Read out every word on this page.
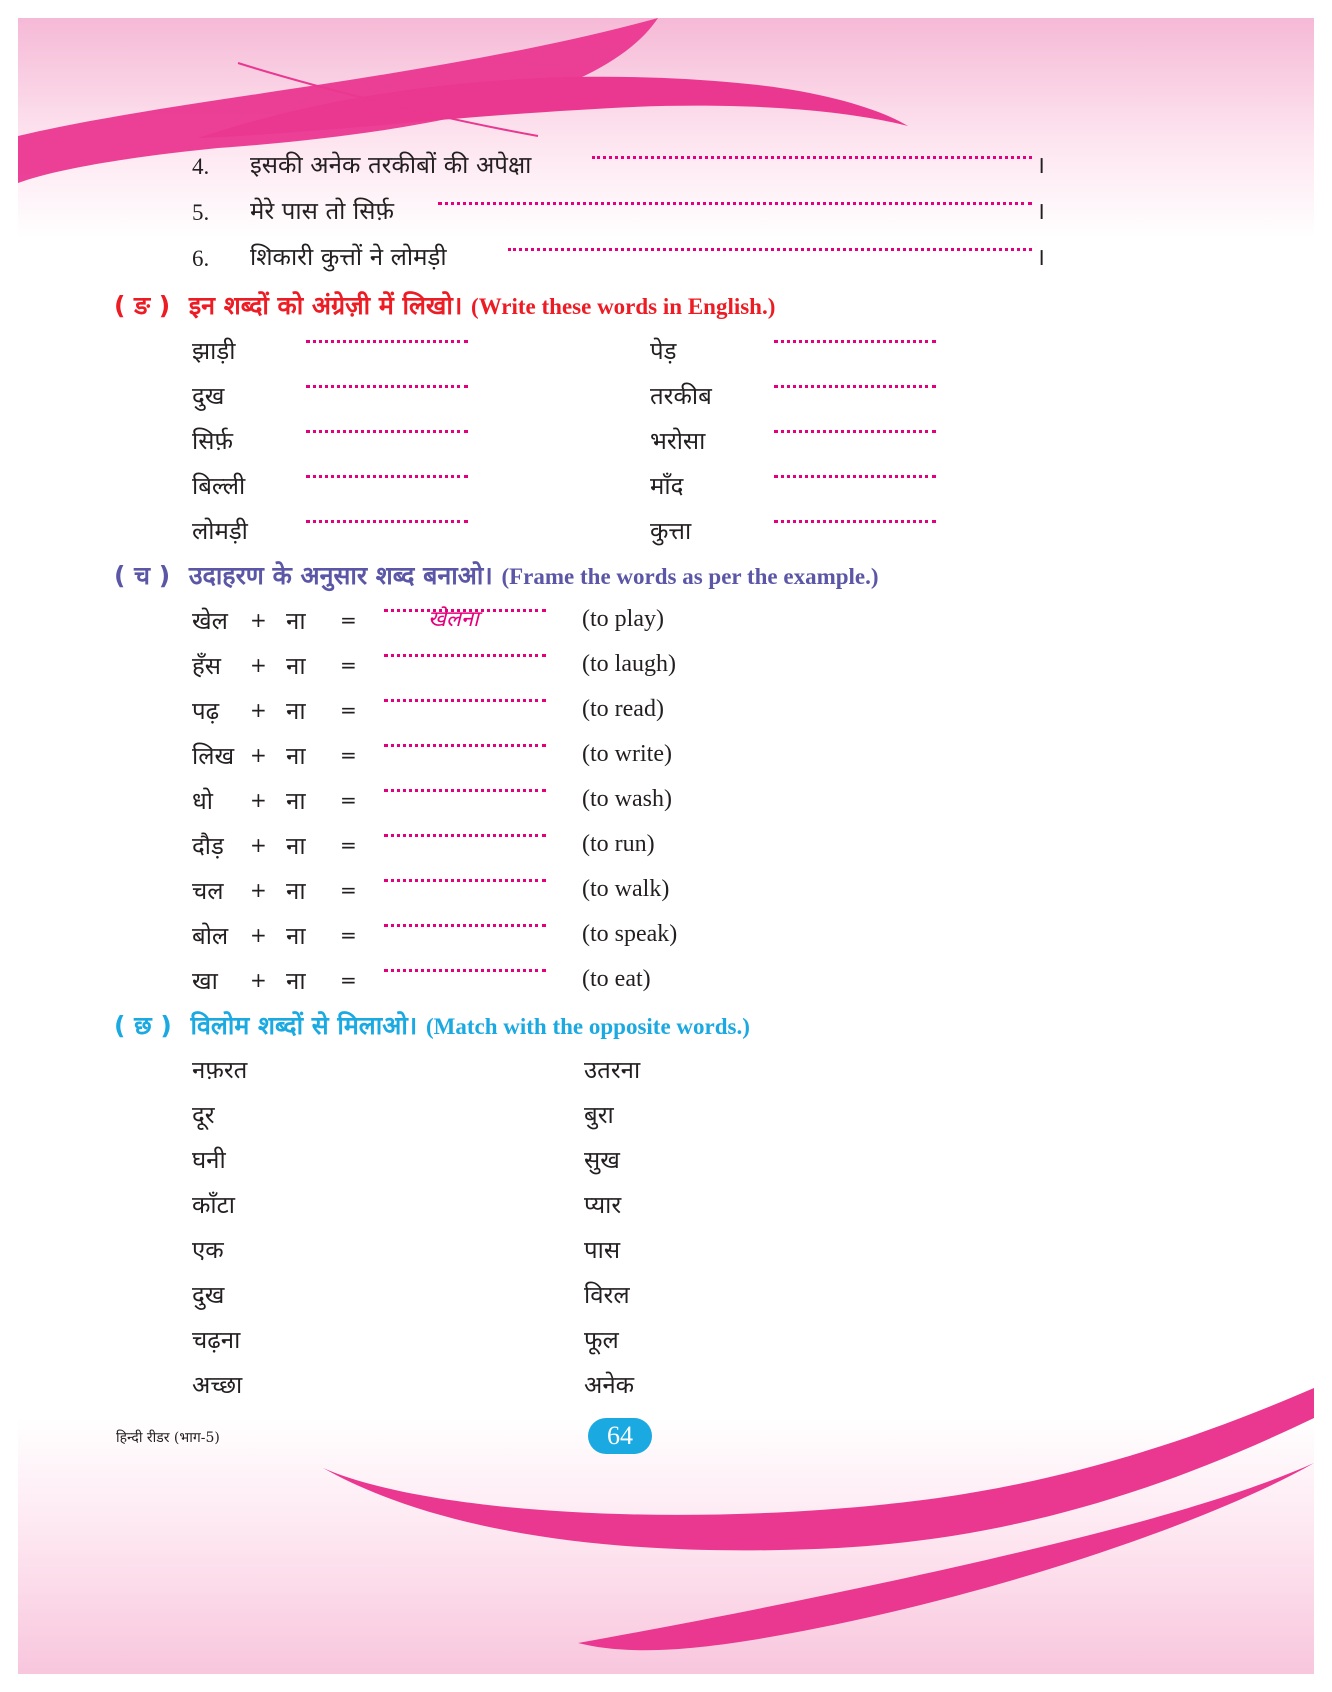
4. इसकी अनेक तरकीबों की अपेक्षा	।
5. मेरे पास तो सिर्फ़	।
6. शिकारी कुत्तों ने लोमड़ी	।
( ङ ) इन शब्दों को अंग्रेज़ी में लिखो। (Write these words in English.)
झाड़ी	पेड़
दुख	तरकीब
सिर्फ़	भरोसा
बिल्ली	माँद
लोमड़ी	कुत्ता
( च ) उदाहरण के अनुसार शब्द बनाओ। (Frame the words as per the example.)
खेल + ना =	खेलना	(to play)
हँस + ना =	(to laugh)
पढ़ + ना =	(to read)
लिख + ना =	(to write)
धो + ना =	(to wash)
दौड़ + ना =	(to run)
चल + ना =	(to walk)
बोल + ना =	(to speak)
खा + ना =	(to eat)
( छ ) विलोम शब्दों से मिलाओ। (Match with the opposite words.)
नफ़रत	उतरना
दूर	बुरा
घनी	सुख
काँटा	प्यार
एक	पास
दुख	विरल
चढ़ना	फूल
अच्छा	अनेक
हिन्दी रीडर (भाग-5)	64
